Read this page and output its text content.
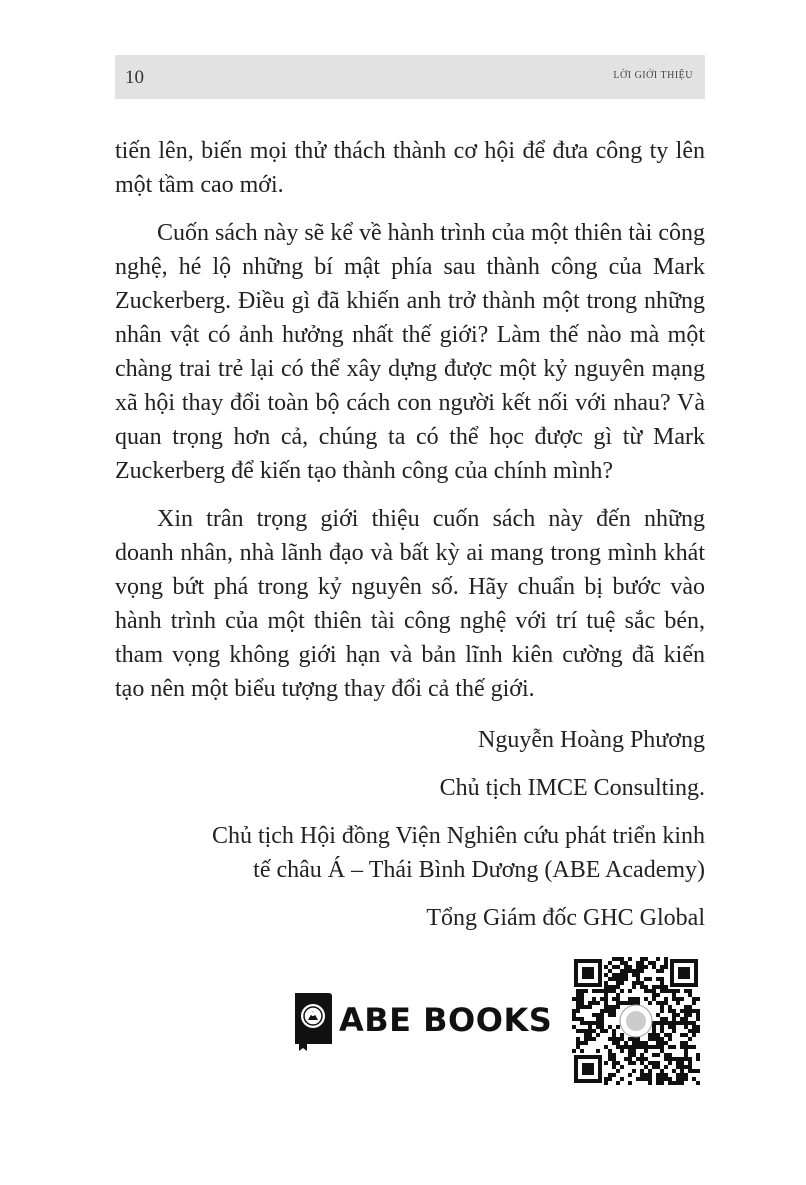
10	LỜI GIỚI THIỆU

tiến lên, biến mọi thử thách thành cơ hội để đưa công ty lên một tầm cao mới.

Cuốn sách này sẽ kể về hành trình của một thiên tài công nghệ, hé lộ những bí mật phía sau thành công của Mark Zuckerberg. Điều gì đã khiến anh trở thành một trong những nhân vật có ảnh hưởng nhất thế giới? Làm thế nào mà một chàng trai trẻ lại có thể xây dựng được một kỷ nguyên mạng xã hội thay đổi toàn bộ cách con người kết nối với nhau? Và quan trọng hơn cả, chúng ta có thể học được gì từ Mark Zuckerberg để kiến tạo thành công của chính mình?

Xin trân trọng giới thiệu cuốn sách này đến những doanh nhân, nhà lãnh đạo và bất kỳ ai mang trong mình khát vọng bứt phá trong kỷ nguyên số. Hãy chuẩn bị bước vào hành trình của một thiên tài công nghệ với trí tuệ sắc bén, tham vọng không giới hạn và bản lĩnh kiên cường đã kiến tạo nên một biểu tượng thay đổi cả thế giới.

Nguyễn Hoàng Phương

Chủ tịch IMCE Consulting.

Chủ tịch Hội đồng Viện Nghiên cứu phát triển kinh
tế châu Á – Thái Bình Dương (ABE Academy)

Tổng Giám đốc GHC Global

ABE BOOKS
